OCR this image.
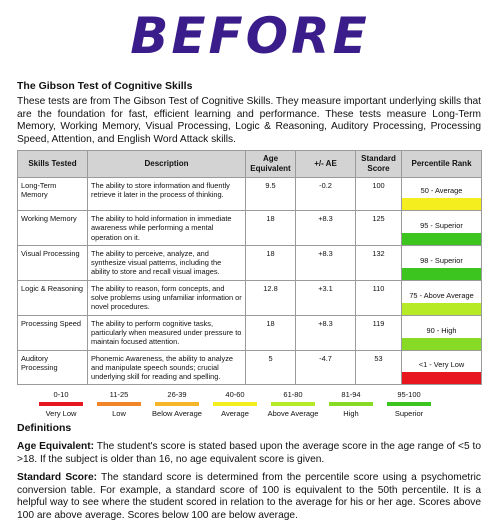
BEFORE
The Gibson Test of Cognitive Skills

These tests are from The Gibson Test of Cognitive Skills. They measure important underlying skills that are the foundation for fast, efficient learning and performance. These tests measure Long-Term Memory, Working Memory, Visual Processing, Logic & Reasoning, Auditory Processing, Processing Speed, Attention, and English Word Attack skills.

Skills Tested	Description	Age Equivalent	+/- AE	Standard Score	Percentile Rank
Long-Term Memory	The ability to store information and fluently retrieve it later in the process of thinking.	9.5	-0.2	100	50 - Average

Working Memory	The ability to hold information in immediate awareness while performing a mental operation on it.	18	+8.3	125	95 - Superior

Visual Processing	The ability to perceive, analyze, and synthesize visual patterns, including the ability to store and recall visual images.	18	+8.3	132	98 - Superior

Logic & Reasoning	The ability to reason, form concepts, and solve problems using unfamiliar information or novel procedures.	12.8	+3.1	110	75 - Above Average

Processing Speed	The ability to perform cognitive tasks, particularly when measured under pressure to maintain focused attention.	18	+8.3	119	90 - High

Auditory Processing	Phonemic Awareness, the ability to analyze and manipulate speech sounds; crucial underlying skill for reading and spelling.	5	-4.7	53	<1 - Very Low
0-10
Very Low
11-25
Low
26-39
Below Average
40-60
Average
61-80
Above Average
81-94
High
95-100
Superior
Definitions

Age Equivalent: The student's score is stated based upon the average score in the age range of <5 to >18. If the subject is older than 16, no age equivalent score is given.

Standard Score: The standard score is determined from the percentile score using a psychometric conversion table. For example, a standard score of 100 is equivalent to the 50th percentile. It is a helpful way to see where the student scored in relation to the average for his or her age. Scores above 100 are above average. Scores below 100 are below average.
